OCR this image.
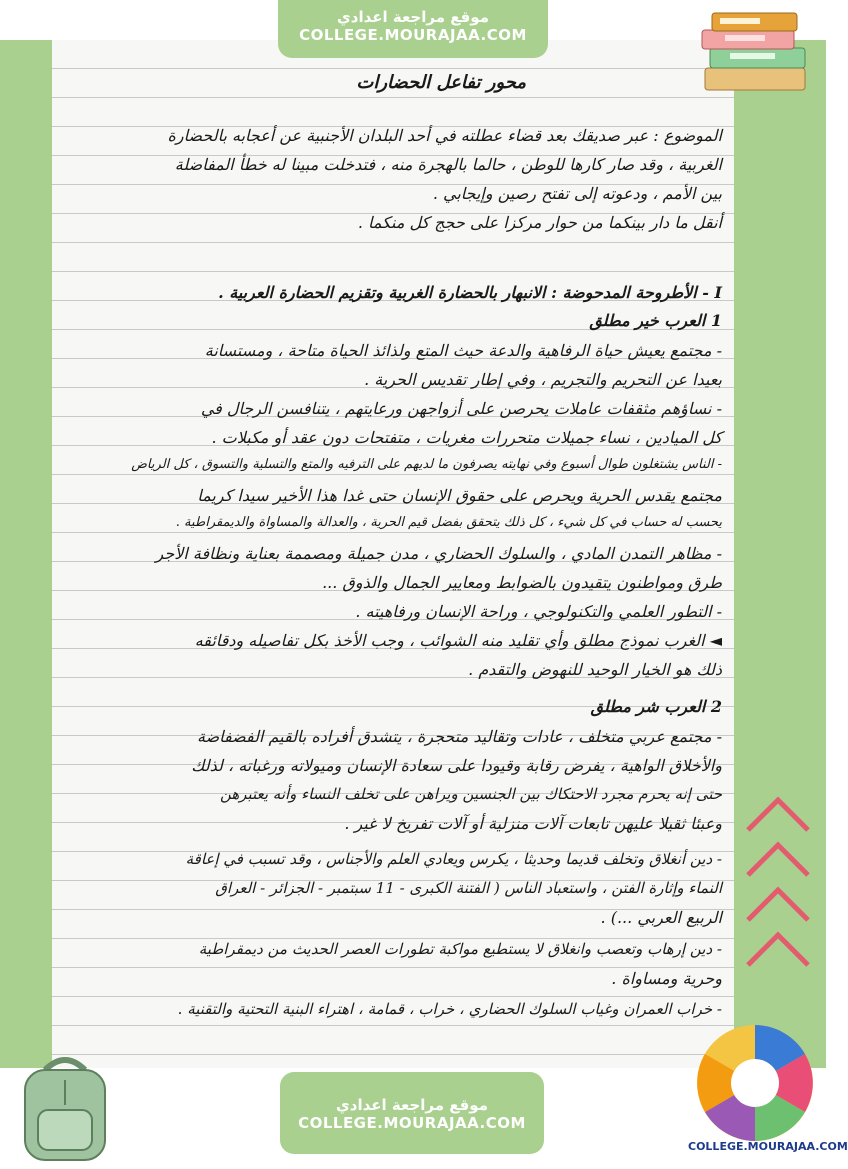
موقع مراجعة اعدادي
COLLEGE.MOURAJAA.COM
محور تفاعل الحضارات
الموضوع : عبر صديقك بعد قضاء عطلته في أحد البلدان الأجنبية عن أعجابه بالحضارة
الغربية ، وقد صار كارها للوطن ، حالما بالهجرة منه ، فتدخلت مبينا له خطأ المفاضلة
بين الأمم ، ودعوته إلى تفتح رصين وإيجابي .
أنقل ما دار بينكما من حوار مركزا على حجج كل منكما .
I - الأطروحة المدحوضة : الانبهار بالحضارة الغربية وتقزيم الحضارة العربية .
1 العرب خير مطلق
- مجتمع يعيش حياة الرفاهية والدعة حيث المتع ولذائذ الحياة متاحة ، ومستسانة
بعيدا عن التحريم والتجريم ، وفي إطار تقديس الحرية .
- نساؤهم مثقفات عاملات يحرصن على أزواجهن ورعايتهم ، يتنافسن الرجال في
كل الميادين ، نساء جميلات متحررات مغريات ، متفتحات دون عقد أو مكبلات .
- الناس يشتغلون طوال أسبوع وفي نهايته يصرفون ما لديهم على الترفيه والمتع والتسلية والتسوق ، كل الرياض
مجتمع يقدس الحرية ويحرص على حقوق الإنسان حتى غدا هذا الأخير سيدا كريما
يحسب له حساب في كل شيء ، كل ذلك يتحقق بفضل قيم الحرية ، والعدالة والمساواة والديمقراطية .
- مظاهر التمدن المادي ، والسلوك الحضاري ، مدن جميلة ومصممة بعناية ونظافة الأجر
طرق ومواطنون يتقيدون بالضوابط ومعايير الجمال والذوق ...
- التطور العلمي والتكنولوجي ، وراحة الإنسان ورفاهيته .
◄ الغرب نموذج مطلق وأي تقليد منه الشوائب ، وجب الأخذ بكل تفاصيله ودقائقه
ذلك هو الخيار الوحيد للنهوض والتقدم .
2 العرب شر مطلق
- مجتمع عربي متخلف ، عادات وتقاليد متحجرة ، يتشدق أفراده بالقيم الفضفاضة
والأخلاق الواهية ، يفرض رقابة وقيودا على سعادة الإنسان وميولاته ورغباته ، لذلك
حتى إنه يحرم مجرد الاحتكاك بين الجنسين ويراهن على تخلف النساء وأنه يعتبرهن
وعبئا ثقيلا عليهن تابعات آلات منزلية أو آلات تفريخ لا غير .
- دين أنغلاق وتخلف قديما وحديثا ، يكرس ويعادي العلم والأجناس ، وقد تسبب في إعاقة
النماء وإثارة الفتن ، واستعباد الناس ( الفتنة الكبرى - 11 سبتمبر - الجزائر - العراق
الربيع العربي ...) .
- دين إرهاب وتعصب وانغلاق لا يستطيع مواكبة تطورات العصر الحديث من ديمقراطية
وحرية ومساواة .
- خراب العمران وغياب السلوك الحضاري ، خراب ، قمامة ، اهتراء البنية التحتية والتقنية .
موقع مراجعة اعدادي
COLLEGE.MOURAJAA.COM
COLLEGE.MOURAJAA.COM
